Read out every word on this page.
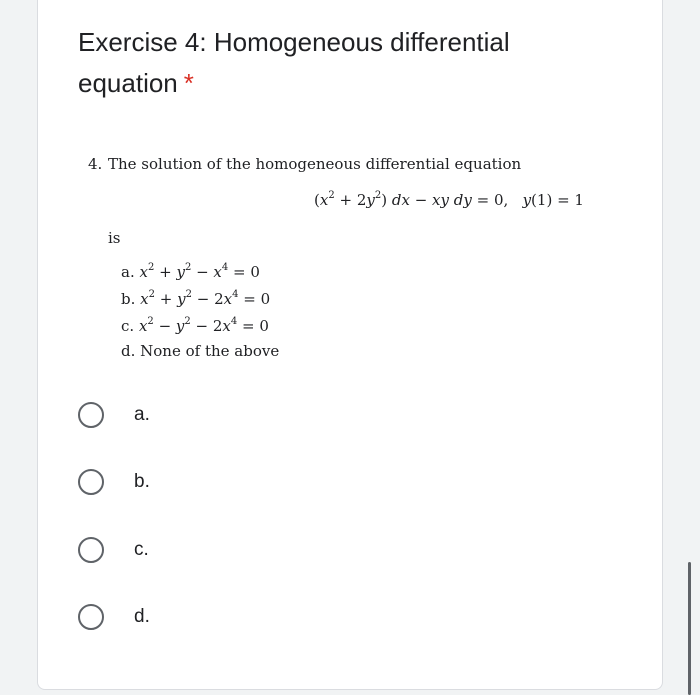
Exercise 4: Homogeneous differential equation *
4. The solution of the homogeneous differential equation
$(x^2 + 2y^2)$ dx − xy dy = 0,   y(1) = 1
is
a. $x^2 + y^2 - x^4 = 0$
b. $x^2 + y^2 - 2x^4 = 0$
c. $x^2 - y^2 - 2x^4 = 0$
d. None of the above
a.
b.
c.
d.
